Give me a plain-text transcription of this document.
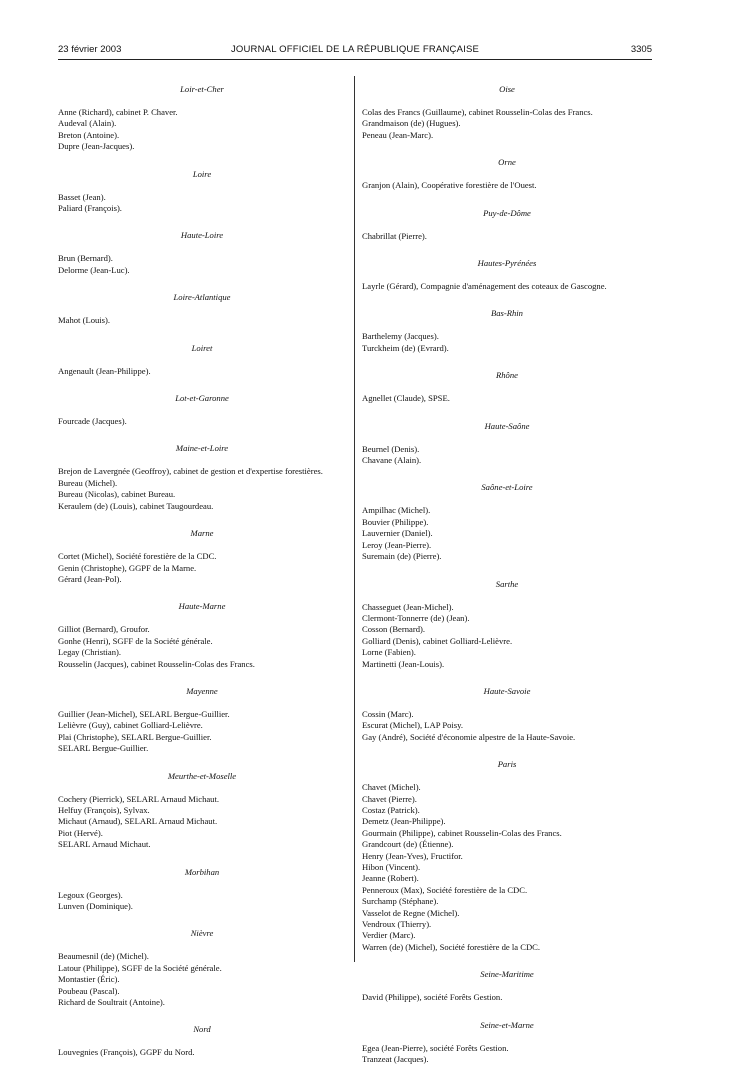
23 février 2003	JOURNAL OFFICIEL DE LA RÉPUBLIQUE FRANÇAISE	3305
Loir-et-Cher
Anne (Richard), cabinet P. Chaver.
Audeval (Alain).
Breton (Antoine).
Dupre (Jean-Jacques).
Loire
Basset (Jean).
Paliard (François).
Haute-Loire
Brun (Bernard).
Delorme (Jean-Luc).
Loire-Atlantique
Mahot (Louis).
Loiret
Angenault (Jean-Philippe).
Lot-et-Garonne
Fourcade (Jacques).
Maine-et-Loire
Brejon de Lavergnée (Geoffroy), cabinet de gestion et d'expertise forestières.
Bureau (Michel).
Bureau (Nicolas), cabinet Bureau.
Keraulem (de) (Louis), cabinet Taugourdeau.
Marne
Cortet (Michel), Société forestière de la CDC.
Genin (Christophe), GGPF de la Marne.
Gérard (Jean-Pol).
Haute-Marne
Gilliot (Bernard), Groufor.
Gonhe (Henri), SGFF de la Société générale.
Legay (Christian).
Rousselin (Jacques), cabinet Rousselin-Colas des Francs.
Mayenne
Guillier (Jean-Michel), SELARL Bergue-Guillier.
Lelièvre (Guy), cabinet Golliard-Lelièvre.
Plai (Christophe), SELARL Bergue-Guillier.
SELARL Bergue-Guillier.
Meurthe-et-Moselle
Cochery (Pierrick), SELARL Arnaud Michaut.
Helfuy (François), Sylvax.
Michaut (Arnaud), SELARL Arnaud Michaut.
Piot (Hervé).
SELARL Arnaud Michaut.
Morbihan
Legoux (Georges).
Lunven (Dominique).
Nièvre
Beaumesnil (de) (Michel).
Latour (Philippe), SGFF de la Société générale.
Montastier (Éric).
Poubeau (Pascal).
Richard de Soultrait (Antoine).
Nord
Louvegnies (François), GGPF du Nord.
Oise
Colas des Francs (Guillaume), cabinet Rousselin-Colas des Francs.
Grandmaison (de) (Hugues).
Peneau (Jean-Marc).
Orne
Granjon (Alain), Coopérative forestière de l'Ouest.
Puy-de-Dôme
Chabrillat (Pierre).
Hautes-Pyrénées
Layrle (Gérard), Compagnie d'aménagement des coteaux de Gascogne.
Bas-Rhin
Barthelemy (Jacques).
Turckheim (de) (Evrard).
Rhône
Agnellet (Claude), SPSE.
Haute-Saône
Beurnel (Denis).
Chavane (Alain).
Saône-et-Loire
Ampilhac (Michel).
Bouvier (Philippe).
Lauvernier (Daniel).
Leroy (Jean-Pierre).
Suremain (de) (Pierre).
Sarthe
Chasseguet (Jean-Michel).
Clermont-Tonnerre (de) (Jean).
Cosson (Bernard).
Golliard (Denis), cabinet Golliard-Lelièvre.
Lorne (Fabien).
Martinetti (Jean-Louis).
Haute-Savoie
Cossin (Marc).
Escurat (Michel), LAP Poisy.
Gay (André), Société d'économie alpestre de la Haute-Savoie.
Paris
Chavet (Michel).
Chavet (Pierre).
Costaz (Patrick).
Demetz (Jean-Philippe).
Gourmain (Philippe), cabinet Rousselin-Colas des Francs.
Grandcourt (de) (Étienne).
Henry (Jean-Yves), Fructifor.
Hibon (Vincent).
Jeanne (Robert).
Penneroux (Max), Société forestière de la CDC.
Surchamp (Stéphane).
Vasselot de Regne (Michel).
Vendroux (Thierry).
Verdier (Marc).
Warren (de) (Michel), Société forestière de la CDC.
Seine-Maritime
David (Philippe), société Forêts Gestion.
Seine-et-Marne
Egea (Jean-Pierre), société Forêts Gestion.
Tranzeat (Jacques).
